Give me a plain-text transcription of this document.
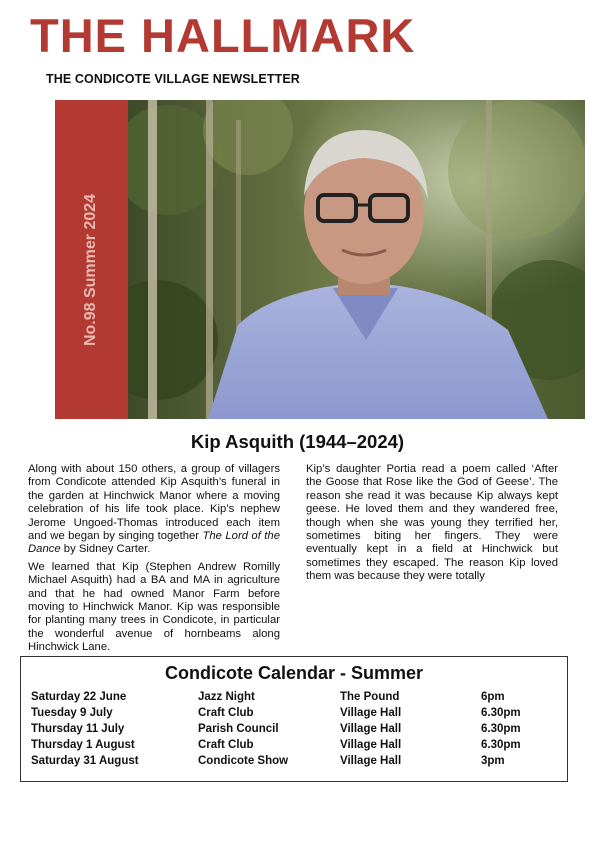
THE HALLMARK
THE CONDICOTE VILLAGE NEWSLETTER
No.98 Summer 2024
Kip Asquith (1944–2024)

Along with about 150 others, a group of villagers from Condicote attended Kip Asquith’s funeral in the garden at Hinchwick Manor where a moving celebration of his life took place. Kip’s nephew Jerome Ungoed-Thomas introduced each item and we began by singing together The Lord of the Dance by Sidney Carter.

We learned that Kip (Stephen Andrew Romilly Michael Asquith) had a BA and MA in agriculture and that he had owned Manor Farm before moving to Hinchwick Manor. Kip was responsible for planting many trees in Condicote, in particular the wonderful avenue of hornbeams along Hinchwick Lane.

Kip’s daughter Portia read a poem called ‘After the Goose that Rose like the God of Geese’. The reason she read it was because Kip always kept geese. He loved them and they wandered free, though when she was young they terrified her, sometimes biting her fingers. They were eventually kept in a field at Hinchwick but sometimes they escaped. The reason Kip loved them was because they were totally

Condicote Calendar - Summer
Saturday 22 June	Jazz Night	The Pound	6pm
Tuesday 9 July	Craft Club	Village Hall	6.30pm
Thursday 11 July	Parish Council	Village Hall	6.30pm
Thursday 1 August	Craft Club	Village Hall	6.30pm
Saturday 31 August	Condicote Show	Village Hall	3pm
